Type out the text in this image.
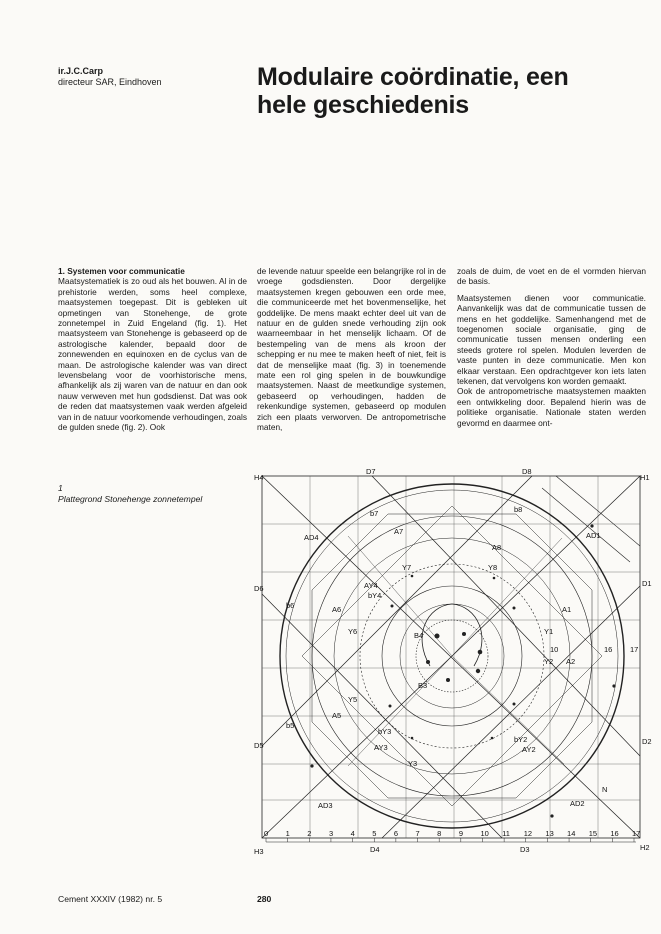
ir.J.C.Carp
directeur SAR, Eindhoven	Modulaire coördinatie, een hele geschiedenis
1. Systemen voor communicatie

Maatsystematiek is zo oud als het bouwen. Al in de prehistorie werden, soms heel complexe, maatsystemen toegepast. Dit is gebleken uit opmetingen van Stonehenge, de grote zonnetempel in Zuid Engeland (fig. 1). Het maatsysteem van Stonehenge is gebaseerd op de astrologische kalender, bepaald door de zonnewenden en equinoxen en de cyclus van de maan. De astrologische kalender was van direct levensbelang voor de voorhistorische mens, afhankelijk als zij waren van de natuur en dan ook nauw verweven met hun godsdienst. Dat was ook de reden dat maatsystemen vaak werden afgeleid van in de natuur voorkomende verhoudingen, zoals de gulden snede (fig. 2). Ook

de levende natuur speelde een belangrijke rol in de vroege godsdiensten. Door dergelijke maatsystemen kregen gebouwen een orde mee, die communiceerde met het bovenmenselijke, het goddelijke. De mens maakt echter deel uit van de natuur en de gulden snede verhouding zijn ook waarneembaar in het menselijk lichaam. Of de bestempeling van de mens als kroon der schepping er nu mee te maken heeft of niet, feit is dat de menselijke maat (fig. 3) in toenemende mate een rol ging spelen in de bouwkundige maatsystemen. Naast de meetkundige systemen, gebaseerd op verhoudingen, hadden de rekenkundige systemen, gebaseerd op modulen zich een plaats verworven. De antropometrische maten,

zoals de duim, de voet en de el vormden hiervan de basis.

Maatsystemen dienen voor communicatie. Aanvankelijk was dat de communicatie tussen de mens en het goddelijke. Samenhangend met de toegenomen sociale organisatie, ging de communicatie tussen mensen onderling een steeds grotere rol spelen. Modulen leverden de vaste punten in deze communicatie. Men kon elkaar verstaan. Een opdrachtgever kon iets laten tekenen, dat vervolgens kon worden gemaakt.

Ook de antropometrische maatsystemen maakten een ontwikkeling door. Bepalend hierin was de politieke organisatie. Nationale staten werden gevormd en daarmee ont-

1
Plattegrond Stonehenge zonnetempel
H4	H1
H3	H2
D7	D8
D6
D1
D5	D2
D4	D3
AD4	AD1
AD3	AD2
A7
A8
A6
A5
A1
A2
b7	b8
b6
b5
AY4
bY4
Y7	Y8
Y6
Y5
Y1
Y2
bY3
AY3
Y3
bY2
AY2
B3
B4
N
10	16 17
0 1 2 3 4 5 6 7 8 9 10 11 12 13 14 15 16 17
Cement XXXIV (1982) nr. 5	280
